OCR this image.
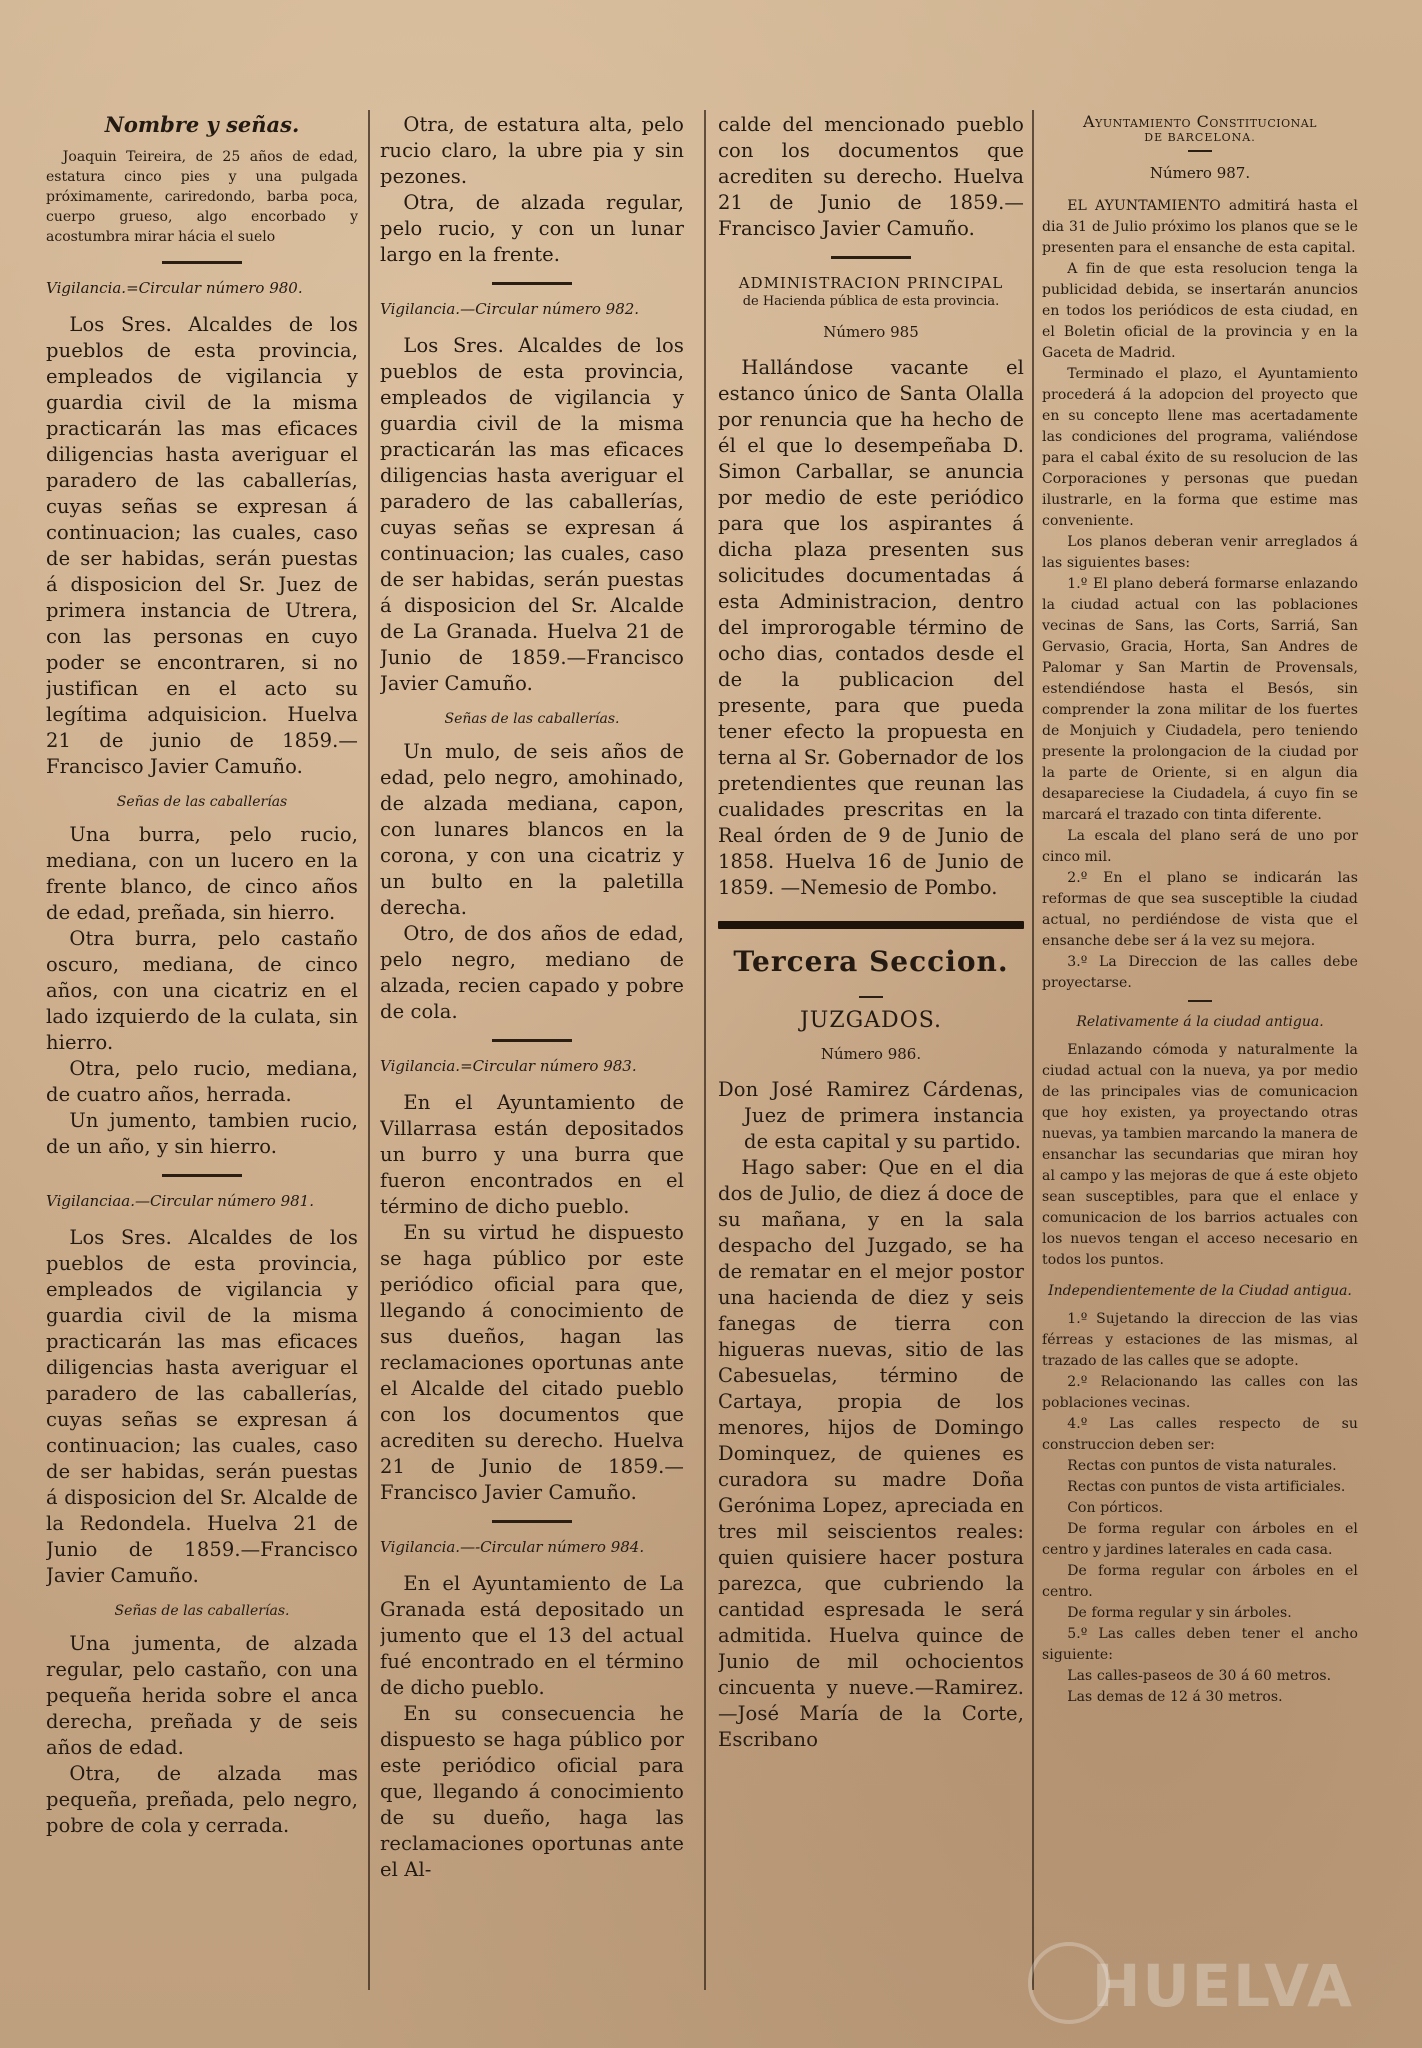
Nombre y señas.

Joaquin Teireira, de 25 años de edad, estatura cinco pies y una pulgada próximamente, cariredondo, barba poca, cuerpo grueso, algo encorbado y acostumbra mirar hácia el suelo

Vigilancia.=Circular número 980.

Los Sres. Alcaldes de los pueblos de esta provincia, empleados de vigilancia y guardia civil de la misma practicarán las mas eficaces diligencias hasta averiguar el paradero de las caballerías, cuyas señas se expresan á continuacion; las cuales, caso de ser habidas, serán puestas á disposicion del Sr. Juez de primera instancia de Utrera, con las personas en cuyo poder se encontraren, si no justifican en el acto su legítima adquisicion. Huelva 21 de junio de 1859.—Francisco Javier Camuño.

Señas de las caballerías

Una burra, pelo rucio, mediana, con un lucero en la frente blanco, de cinco años de edad, preñada, sin hierro.

Otra burra, pelo castaño oscuro, mediana, de cinco años, con una cicatriz en el lado izquierdo de la culata, sin hierro.

Otra, pelo rucio, mediana, de cuatro años, herrada.

Un jumento, tambien rucio, de un año, y sin hierro.

Vigilanciaa.—Circular número 981.

Los Sres. Alcaldes de los pueblos de esta provincia, empleados de vigilancia y guardia civil de la misma practicarán las mas eficaces diligencias hasta averiguar el paradero de las caballerías, cuyas señas se expresan á continuacion; las cuales, caso de ser habidas, serán puestas á disposicion del Sr. Alcalde de la Redondela. Huelva 21 de Junio de 1859.—Francisco Javier Camuño.

Señas de las caballerías.

Una jumenta, de alzada regular, pelo castaño, con una pequeña herida sobre el anca derecha, preñada y de seis años de edad.

Otra, de alzada mas pequeña, preñada, pelo negro, pobre de cola y cerrada.

Otra, de estatura alta, pelo rucio claro, la ubre pia y sin pezones.

Otra, de alzada regular, pelo rucio, y con un lunar largo en la frente.

Vigilancia.—Circular número 982.

Los Sres. Alcaldes de los pueblos de esta provincia, empleados de vigilancia y guardia civil de la misma practicarán las mas eficaces diligencias hasta averiguar el paradero de las caballerías, cuyas señas se expresan á continuacion; las cuales, caso de ser habidas, serán puestas á disposicion del Sr. Alcalde de La Granada. Huelva 21 de Junio de 1859.—Francisco Javier Camuño.

Señas de las caballerías.

Un mulo, de seis años de edad, pelo negro, amohinado, de alzada mediana, capon, con lunares blancos en la corona, y con una cicatriz y un bulto en la paletilla derecha.

Otro, de dos años de edad, pelo negro, mediano de alzada, recien capado y pobre de cola.

Vigilancia.=Circular número 983.

En el Ayuntamiento de Villarrasa están depositados un burro y una burra que fueron encontrados en el término de dicho pueblo.

En su virtud he dispuesto se haga público por este periódico oficial para que, llegando á conocimiento de sus dueños, hagan las reclamaciones oportunas ante el Alcalde del citado pueblo con los documentos que acrediten su derecho. Huelva 21 de Junio de 1859.—Francisco Javier Camuño.

Vigilancia.—-Circular número 984.

En el Ayuntamiento de La Granada está depositado un jumento que el 13 del actual fué encontrado en el término de dicho pueblo.

En su consecuencia he dispuesto se haga público por este periódico oficial para que, llegando á conocimiento de su dueño, haga las reclamaciones oportunas ante el Al-

calde del mencionado pueblo con los documentos que acrediten su derecho. Huelva 21 de Junio de 1859.—Francisco Javier Camuño.

ADMINISTRACION PRINCIPAL

de Hacienda pública de esta provincia.

Número 985

Hallándose vacante el estanco único de Santa Olalla por renuncia que ha hecho de él el que lo desempeñaba D. Simon Carballar, se anuncia por medio de este periódico para que los aspirantes á dicha plaza presenten sus solicitudes documentadas á esta Administracion, dentro del improrogable término de ocho dias, contados desde el de la publicacion del presente, para que pueda tener efecto la propuesta en terna al Sr. Gobernador de los pretendientes que reunan las cualidades prescritas en la Real órden de 9 de Junio de 1858. Huelva 16 de Junio de 1859. —Nemesio de Pombo.

Tercera Seccion.

JUZGADOS.

Número 986.

Don José Ramirez Cárdenas, Juez de primera instancia de esta capital y su partido.

Hago saber: Que en el dia dos de Julio, de diez á doce de su mañana, y en la sala despacho del Juzgado, se ha de rematar en el mejor postor una hacienda de diez y seis fanegas de tierra con higueras nuevas, sitio de las Cabesuelas, término de Cartaya, propia de los menores, hijos de Domingo Dominquez, de quienes es curadora su madre Doña Gerónima Lopez, apreciada en tres mil seiscientos reales: quien quisiere hacer postura parezca, que cubriendo la cantidad espresada le será admitida. Huelva quince de Junio de mil ochocientos cincuenta y nueve.—Ramirez.—José María de la Corte, Escribano

Ayuntamiento Constitucional

DE BARCELONA.

Número 987.

EL AYUNTAMIENTO admitirá hasta el dia 31 de Julio próximo los planos que se le presenten para el ensanche de esta capital.

A fin de que esta resolucion tenga la publicidad debida, se insertarán anuncios en todos los periódicos de esta ciudad, en el Boletin oficial de la provincia y en la Gaceta de Madrid.

Terminado el plazo, el Ayuntamiento procederá á la adopcion del proyecto que en su concepto llene mas acertadamente las condiciones del programa, valiéndose para el cabal éxito de su resolucion de las Corporaciones y personas que puedan ilustrarle, en la forma que estime mas conveniente.

Los planos deberan venir arreglados á las siguientes bases:

1.º El plano deberá formarse enlazando la ciudad actual con las poblaciones vecinas de Sans, las Corts, Sarriá, San Gervasio, Gracia, Horta, San Andres de Palomar y San Martin de Provensals, estendiéndose hasta el Besós, sin comprender la zona militar de los fuertes de Monjuich y Ciudadela, pero teniendo presente la prolongacion de la ciudad por la parte de Oriente, si en algun dia desapareciese la Ciudadela, á cuyo fin se marcará el trazado con tinta diferente.

La escala del plano será de uno por cinco mil.

2.º En el plano se indicarán las reformas de que sea susceptible la ciudad actual, no perdiéndose de vista que el ensanche debe ser á la vez su mejora.

3.º La Direccion de las calles debe proyectarse.

Relativamente á la ciudad antigua.

Enlazando cómoda y naturalmente la ciudad actual con la nueva, ya por medio de las principales vias de comunicacion que hoy existen, ya proyectando otras nuevas, ya tambien marcando la manera de ensanchar las secundarias que miran hoy al campo y las mejoras de que á este objeto sean susceptibles, para que el enlace y comunicacion de los barrios actuales con los nuevos tengan el acceso necesario en todos los puntos.

Independientemente de la Ciudad antigua.

1.º Sujetando la direccion de las vias férreas y estaciones de las mismas, al trazado de las calles que se adopte.

2.º Relacionando las calles con las poblaciones vecinas.

4.º Las calles respecto de su construccion deben ser:

Rectas con puntos de vista naturales.

Rectas con puntos de vista artificiales.

Con pórticos.

De forma regular con árboles en el centro y jardines laterales en cada casa.

De forma regular con árboles en el centro.

De forma regular y sin árboles.

5.º Las calles deben tener el ancho siguiente:

Las calles-paseos de 30 á 60 metros.

Las demas de 12 á 30 metros.

HUELVA
